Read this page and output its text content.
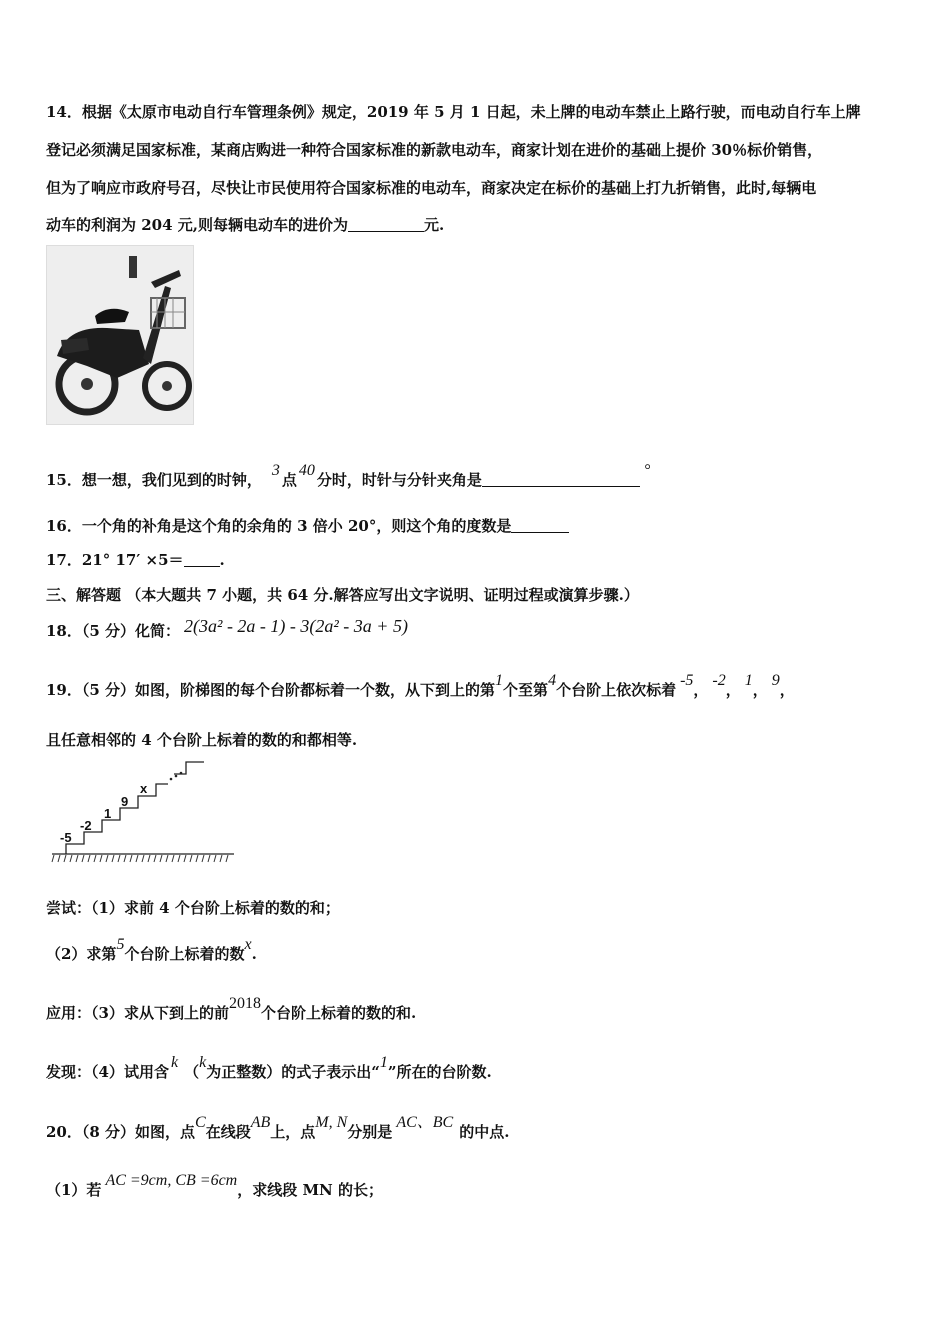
14．根据《太原市电动自行车管理条例》规定，2019 年 5 月 1 日起，未上牌的电动车禁止上路行驶，而电动自行车上牌
登记必须满足国家标准，某商店购进一种符合国家标准的新款电动车，商家计划在进价的基础上提价 30％标价销售，
但为了响应市政府号召，尽快让市民使用符合国家标准的电动车，商家决定在标价的基础上打九折销售，此时,每辆电
动车的利润为 204 元,则每辆电动车的进价为	元.
15．想一想，我们见到的时钟，3点40分时，时针与分针夹角是°
16．一个角的补角是这个角的余角的 3 倍小 20°，则这个角的度数是
17．21° 17′ ×5＝ .
三、解答题 （本大题共 7 小题，共 64 分.解答应写出文字说明、证明过程或演算步骤.）
18．（5 分）化简： 2(3a² - 2a - 1) - 3(2a² - 3a + 5)
19．（5 分）如图，阶梯图的每个台阶都标着一个数，从下到上的第1个至第4个台阶上依次标着-5，-2，1，9，
且任意相邻的 4 个台阶上标着的数的和都相等.
-5
-2
1
9
x
尝试：（1）求前 4 个台阶上标着的数的和；
（2）求第5个台阶上标着的数x.
应用：（3）求从下到上的前2018个台阶上标着的数的和.
发现：（4）试用含k（k为正整数）的式子表示出“1”所在的台阶数.
20．（8 分）如图，点C在线段AB上，点M, N分别是AC、BC的中点.
（1）若AC =9cm, CB =6cm，求线段 MN 的长；
